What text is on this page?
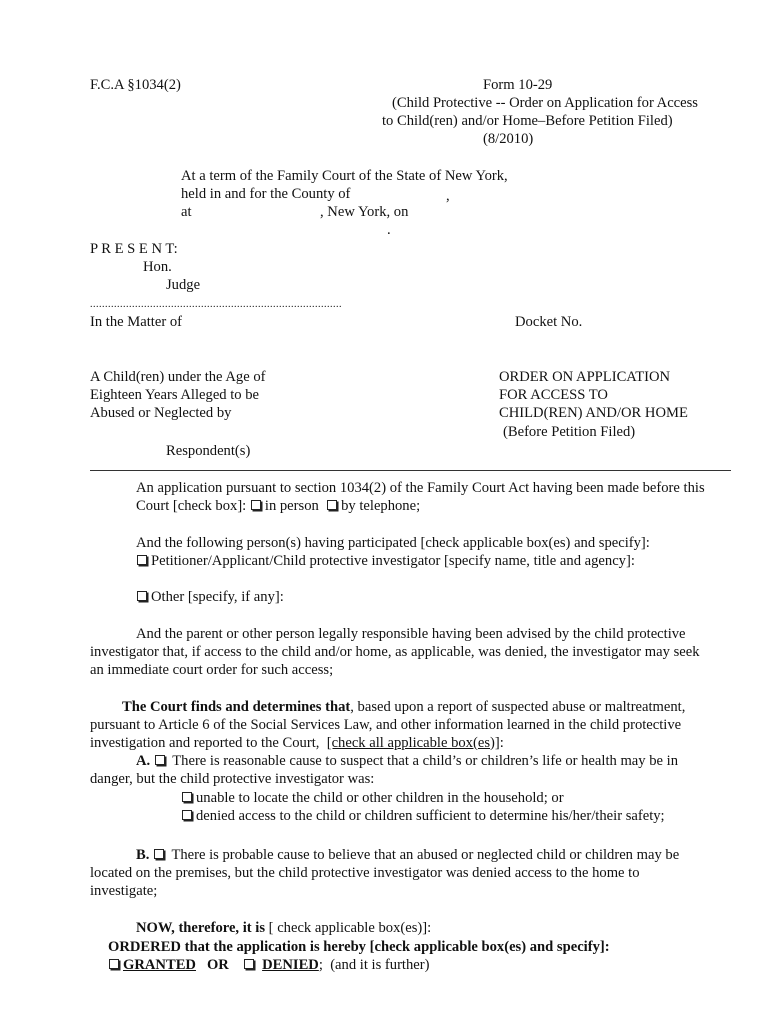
F.C.A §1034(2)	Form 10-29
(Child Protective -- Order on Application for Access
to Child(ren) and/or Home–Before Petition Filed)
(8/2010)
At a term of the Family Court of the State of New York,
held in and for the County of	,
at	, New York, on
.
P R E S E N T:
Hon.
Judge
....................................................................................
In the Matter of	Docket No.
A Child(ren) under the Age of
Eighteen Years Alleged to be
Abused or Neglected by
Respondent(s)
ORDER ON APPLICATION
FOR ACCESS TO
CHILD(REN) AND/OR HOME
(Before Petition Filed)
An application pursuant to section 1034(2) of the Family Court Act having been made before this
Court [check box]: in person by telephone;
And the following person(s) having participated [check applicable box(es) and specify]:
Petitioner/Applicant/Child protective investigator [specify name, title and agency]:
Other [specify, if any]:
And the parent or other person legally responsible having been advised by the child protective
investigator that, if access to the child and/or home, as applicable, was denied, the investigator may seek
an immediate court order for such access;
The Court finds and determines that, based upon a report of suspected abuse or maltreatment,
pursuant to Article 6 of the Social Services Law, and other information learned in the child protective
investigation and reported to the Court,  [check all applicable box(es)]:
A. There is reasonable cause to suspect that a child’s or children’s life or health may be in
danger, but the child protective investigator was:
unable to locate the child or other children in the household; or
denied access to the child or children sufficient to determine his/her/their safety;
B. There is probable cause to believe that an abused or neglected child or children may be
located on the premises, but the child protective investigator was denied access to the home to
investigate;
NOW, therefore, it is [ check applicable box(es)]:
ORDERED that the application is hereby [check applicable box(es) and specify]:
GRANTED OR DENIED;  (and it is further)
